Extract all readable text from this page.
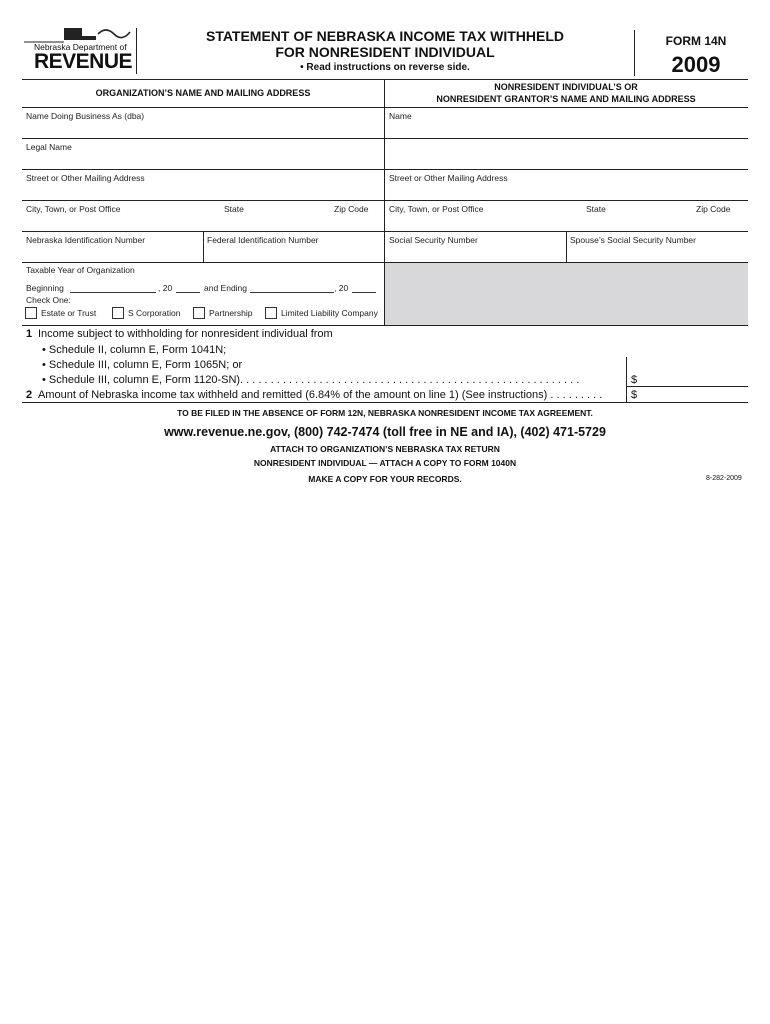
Nebraska Department of
REVENUE
STATEMENT OF NEBRASKA INCOME TAX WITHHELD
FOR NONRESIDENT INDIVIDUAL
• Read instructions on reverse side.
FORM 14N
2009
ORGANIZATION’S NAME AND MAILING ADDRESS
NONRESIDENT INDIVIDUAL’S OR
NONRESIDENT GRANTOR’S NAME AND MAILING ADDRESS
Name Doing Business As (dba)
Legal Name
Street or Other Mailing Address
City, Town, or Post Office	State	Zip Code
Nebraska Identification Number	Federal Identification Number
Taxable Year of Organization
Beginning	, 20	and Ending	, 20
Check One:
Estate or Trust	S Corporation	Partnership	Limited Liability Company
Name
Street or Other Mailing Address
City, Town, or Post Office	State	Zip Code
Social Security Number	Spouse’s Social Security Number
1 Income subject to withholding for nonresident individual from
• Schedule II, column E, Form 1041N;
• Schedule III, column E, Form 1065N; or
• Schedule III, column E, Form 1120-SN). . . . . . . . . . . . . . . . . . . . . . . . . . . . . . . . . . . . . . . . . . . . . . . . . . . . . . . .	$
2 Amount of Nebraska income tax withheld and remitted (6.84% of the amount on line 1) (See instructions) . . . . . . . . .	$
TO BE FILED IN THE ABSENCE OF FORM 12N, NEBRASKA NONRESIDENT INCOME TAX AGREEMENT.
www.revenue.ne.gov, (800) 742-7474 (toll free in NE and IA), (402) 471-5729
ATTACH TO ORGANIZATION’S NEBRASKA TAX RETURN
NONRESIDENT INDIVIDUAL — ATTACH A COPY TO FORM 1040N
MAKE A COPY FOR YOUR RECORDS.	8-282-2009
